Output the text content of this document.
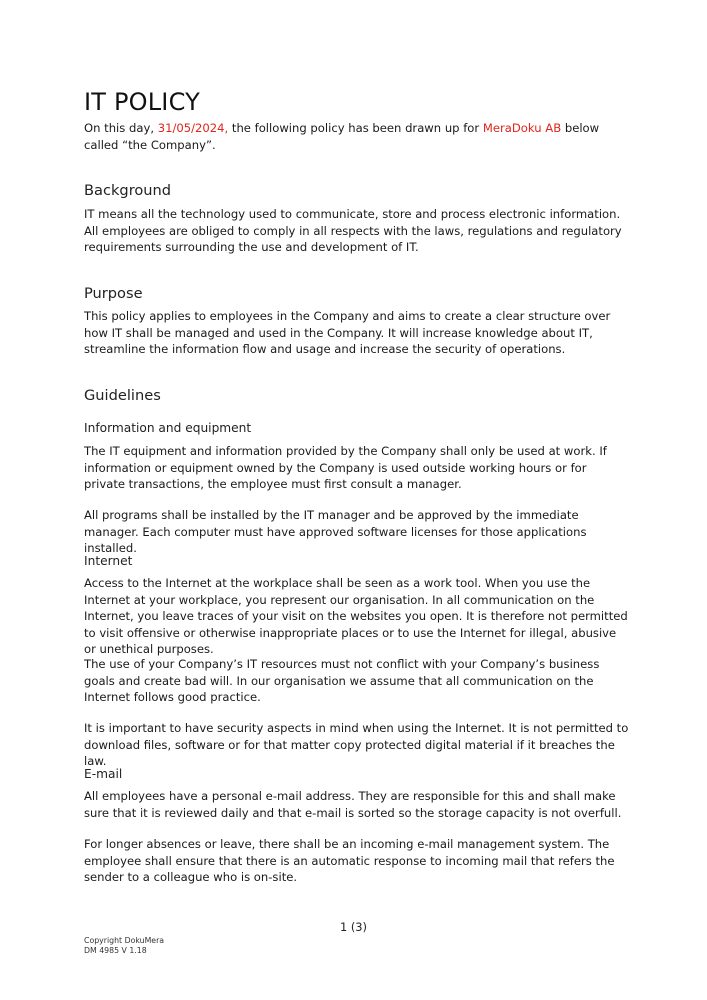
IT POLICY

On this day, 31/05/2024, the following policy has been drawn up for MeraDoku AB below called “the Company”.

Background

IT means all the technology used to communicate, store and process electronic information. All employees are obliged to comply in all respects with the laws, regulations and regulatory requirements surrounding the use and development of IT.

Purpose

This policy applies to employees in the Company and aims to create a clear structure over how IT shall be managed and used in the Company. It will increase knowledge about IT, streamline the information flow and usage and increase the security of operations.

Guidelines
Information and equipment

The IT equipment and information provided by the Company shall only be used at work. If information or equipment owned by the Company is used outside working hours or for private transactions, the employee must first consult a manager.

All programs shall be installed by the IT manager and be approved by the immediate manager. Each computer must have approved software licenses for those applications installed.

Internet

Access to the Internet at the workplace shall be seen as a work tool. When you use the Internet at your workplace, you represent our organisation. In all communication on the Internet, you leave traces of your visit on the websites you open. It is therefore not permitted to visit offensive or otherwise inappropriate places or to use the Internet for illegal, abusive or unethical purposes.

The use of your Company’s IT resources must not conflict with your Company’s business goals and create bad will. In our organisation we assume that all communication on the Internet follows good practice.

It is important to have security aspects in mind when using the Internet. It is not permitted to download files, software or for that matter copy protected digital material if it breaches the law.

E-mail

All employees have a personal e-mail address. They are responsible for this and shall make sure that it is reviewed daily and that e-mail is sorted so the storage capacity is not overfull.

For longer absences or leave, there shall be an incoming e-mail management system. The employee shall ensure that there is an automatic response to incoming mail that refers the sender to a colleague who is on-site.

1 (3)
Copyright DokuMera
DM 4985 V 1.18
